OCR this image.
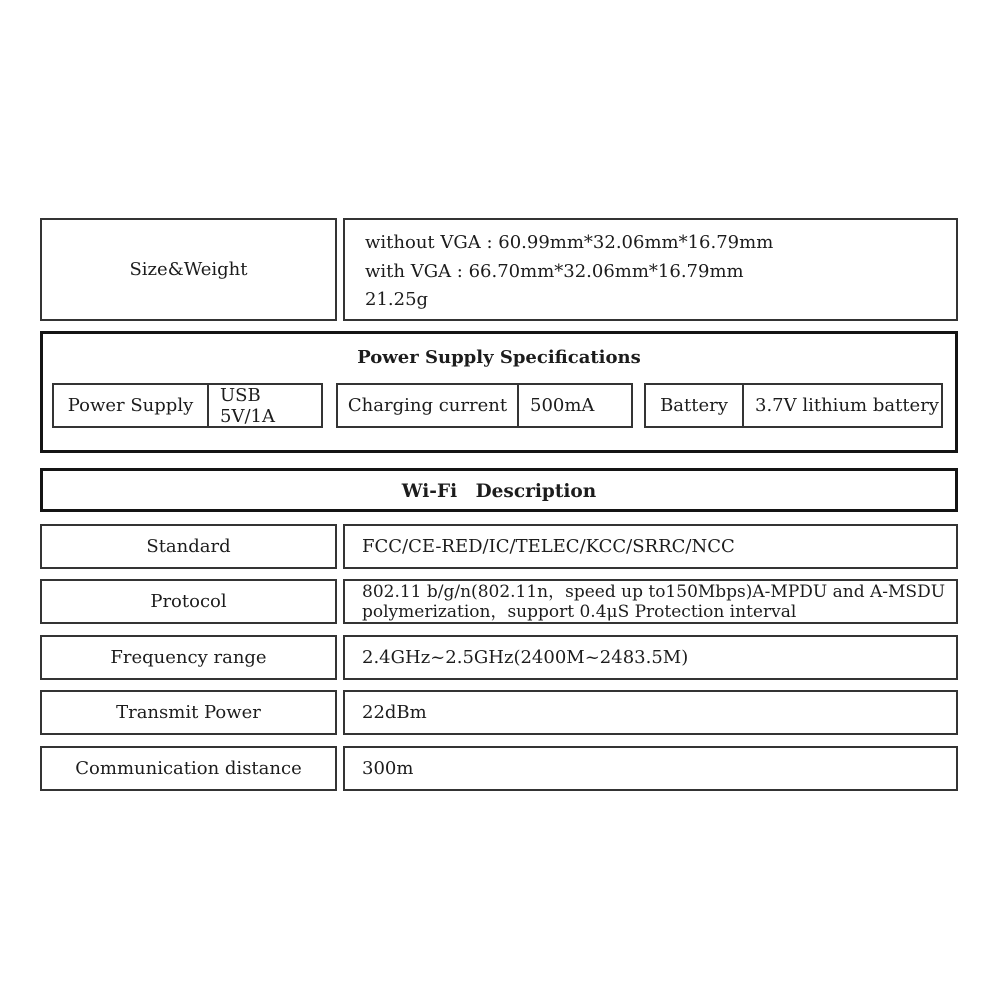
Size&Weight
without VGA : 60.99mm*32.06mm*16.79mm
with VGA : 66.70mm*32.06mm*16.79mm
21.25g
Power Supply Specifications
Power Supply	USB 5V/1A	Charging current	500mA	Battery	3.7V lithium battery
Wi-Fi　Description
Standard	FCC/CE-RED/IC/TELEC/KCC/SRRC/NCC
Protocol	802.11 b/g/n(802.11n，speed up to150Mbps)A-MPDU and A-MSDU polymerization，support 0.4μS Protection interval
Frequency range	2.4GHz~2.5GHz(2400M~2483.5M)
Transmit Power	22dBm
Communication distance	300m
